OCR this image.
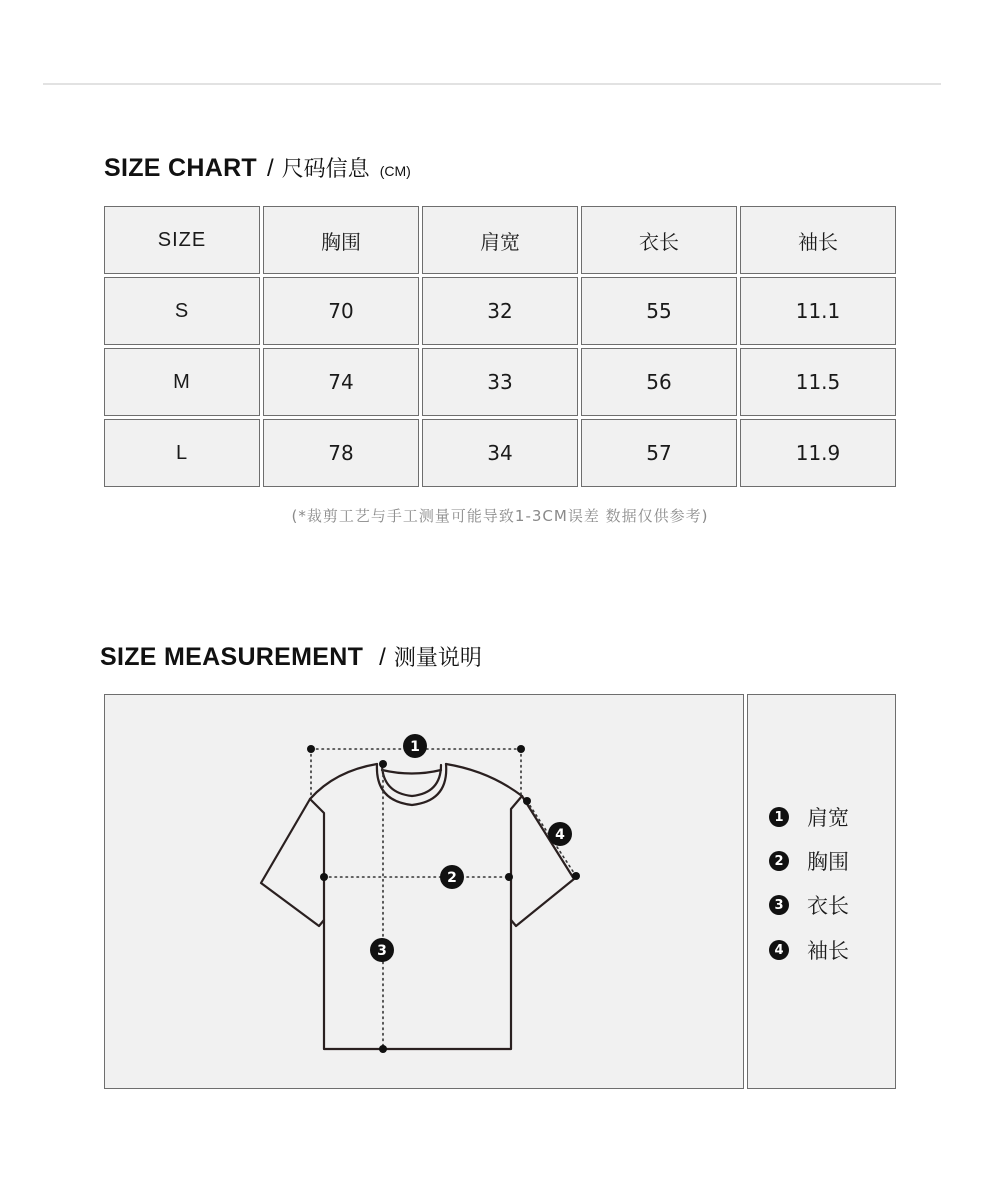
SIZE CHART / 尺码信息 (CM)
SIZE	胸围	肩宽	衣长	袖长
S	70	32	55	11.1
M	74	33	56	11.5
L	78	34	57	11.9
(*裁剪工艺与手工测量可能导致1-3CM误差 数据仅供参考)
SIZE MEASUREMENT / 测量说明
1
2
3
4
1 肩宽
2 胸围
3 衣长
4 袖长
